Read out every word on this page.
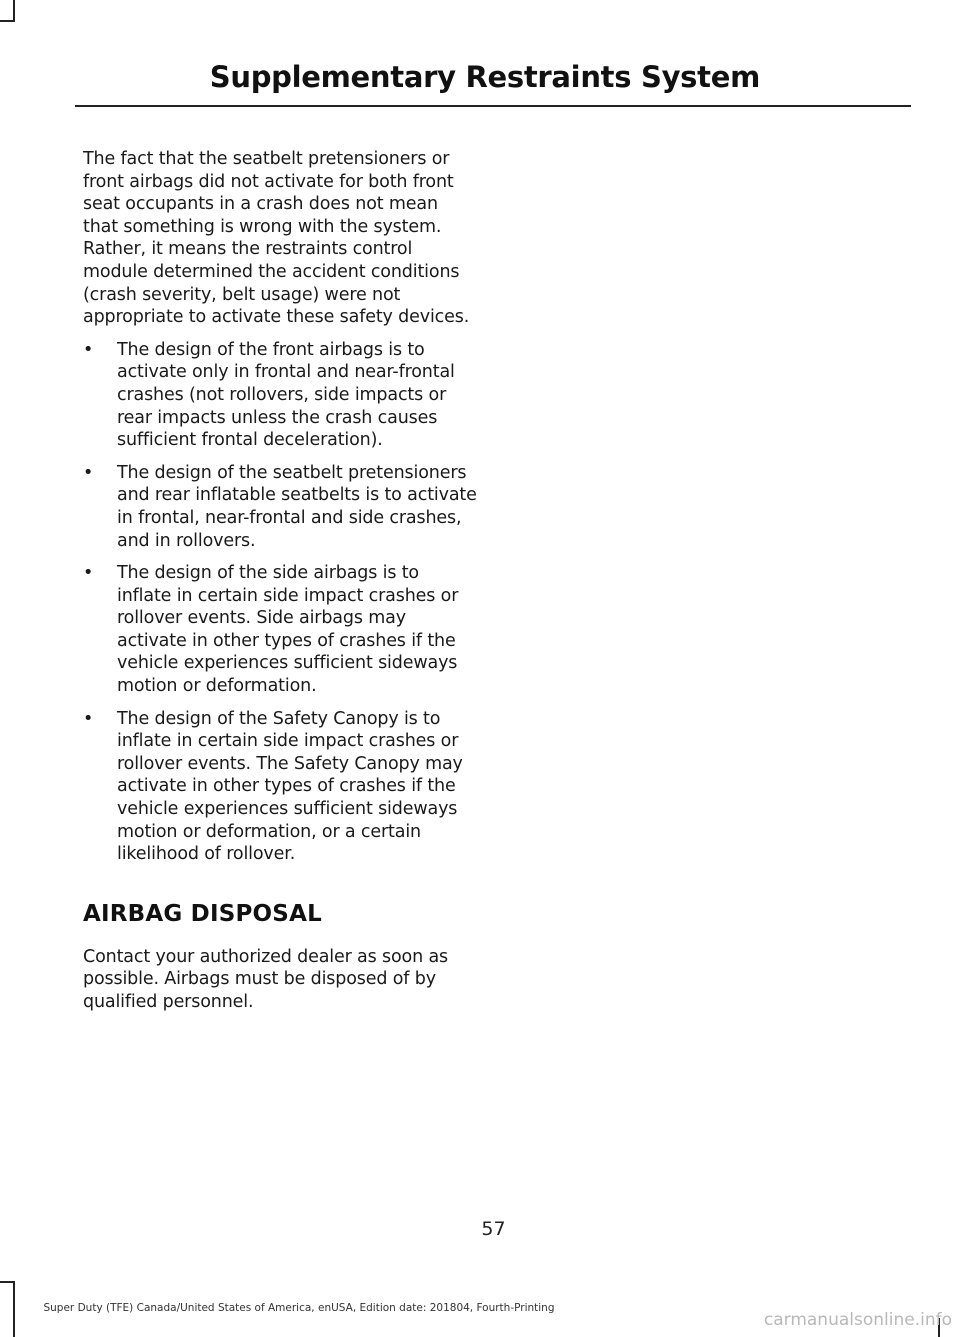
Supplementary Restraints System

The fact that the seatbelt pretensioners or front airbags did not activate for both front seat occupants in a crash does not mean that something is wrong with the system. Rather, it means the restraints control module determined the accident conditions (crash severity, belt usage) were not appropriate to activate these safety devices.

• The design of the front airbags is to activate only in frontal and near-frontal crashes (not rollovers, side impacts or rear impacts unless the crash causes sufficient frontal deceleration).
• The design of the seatbelt pretensioners and rear inflatable seatbelts is to activate in frontal, near-frontal and side crashes, and in rollovers.
• The design of the side airbags is to inflate in certain side impact crashes or rollover events. Side airbags may activate in other types of crashes if the vehicle experiences sufficient sideways motion or deformation.
• The design of the Safety Canopy is to inflate in certain side impact crashes or rollover events. The Safety Canopy may activate in other types of crashes if the vehicle experiences sufficient sideways motion or deformation, or a certain likelihood of rollover.
AIRBAG DISPOSAL

Contact your authorized dealer as soon as possible. Airbags must be disposed of by qualified personnel.

57
Super Duty (TFE) Canada/United States of America, enUSA, Edition date: 201804, Fourth-Printing
carmanualsonline.info
